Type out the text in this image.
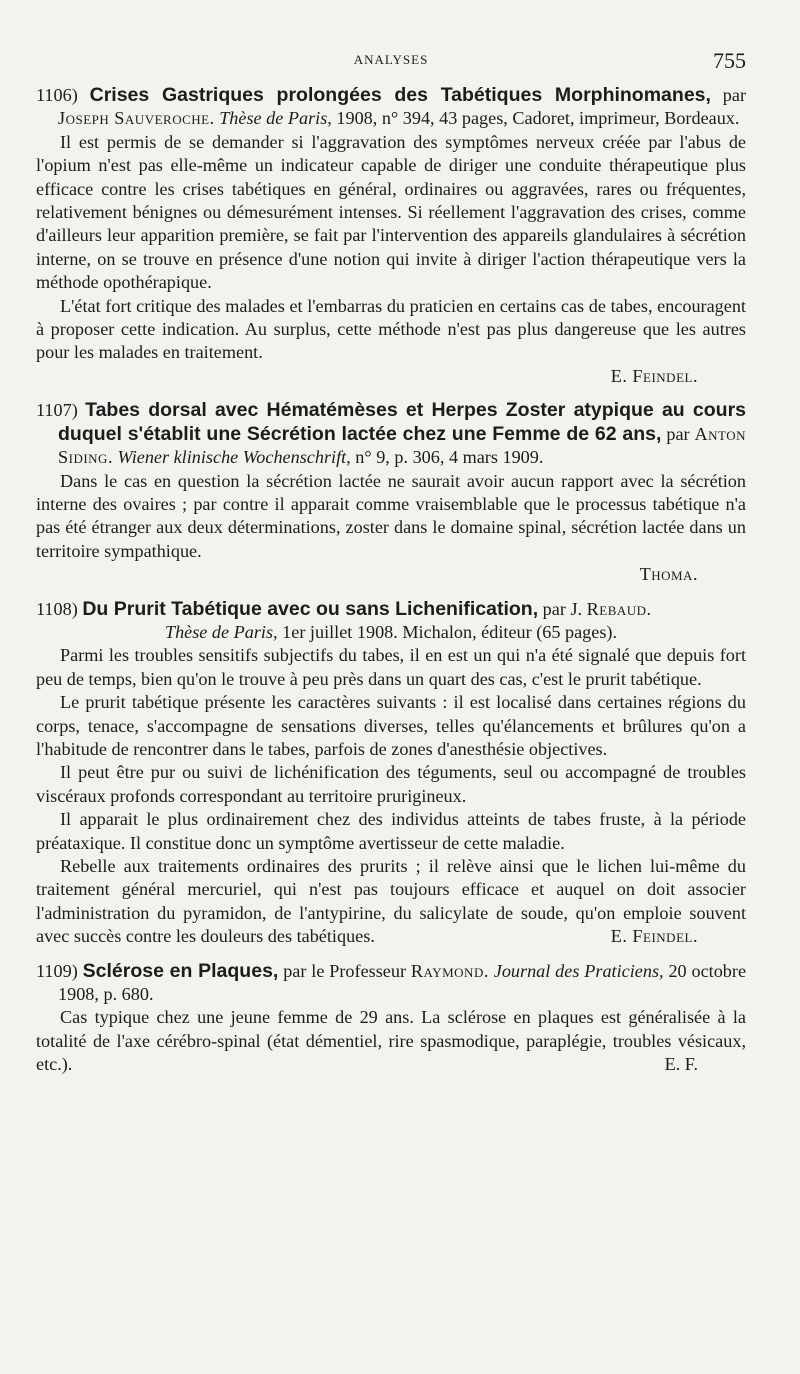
ANALYSES	755

1106) Crises Gastriques prolongées des Tabétiques Morphinomanes, par Joseph Sauveroche. Thèse de Paris, 1908, n° 394, 43 pages, Cadoret, imprimeur, Bordeaux.

Il est permis de se demander si l'aggravation des symptômes nerveux créée par l'abus de l'opium n'est pas elle-même un indicateur capable de diriger une conduite thérapeutique plus efficace contre les crises tabétiques en général, ordinaires ou aggravées, rares ou fréquentes, relativement bénignes ou démesurément intenses. Si réellement l'aggravation des crises, comme d'ailleurs leur apparition première, se fait par l'intervention des appareils glandulaires à sécrétion interne, on se trouve en présence d'une notion qui invite à diriger l'action thérapeutique vers la méthode opothérapique.

L'état fort critique des malades et l'embarras du praticien en certains cas de tabes, encouragent à proposer cette indication. Au surplus, cette méthode n'est pas plus dangereuse que les autres pour les malades en traitement.

E. Feindel.

1107) Tabes dorsal avec Hématémèses et Herpes Zoster atypique au cours duquel s'établit une Sécrétion lactée chez une Femme de 62 ans, par Anton Siding. Wiener klinische Wochenschrift, n° 9, p. 306, 4 mars 1909.

Dans le cas en question la sécrétion lactée ne saurait avoir aucun rapport avec la sécrétion interne des ovaires ; par contre il apparait comme vraisemblable que le processus tabétique n'a pas été étranger aux deux déterminations, zoster dans le domaine spinal, sécrétion lactée dans un territoire sympathique.

Thoma.

1108) Du Prurit Tabétique avec ou sans Lichenification, par J. Rebaud.

Thèse de Paris, 1er juillet 1908. Michalon, éditeur (65 pages).

Parmi les troubles sensitifs subjectifs du tabes, il en est un qui n'a été signalé que depuis fort peu de temps, bien qu'on le trouve à peu près dans un quart des cas, c'est le prurit tabétique.

Le prurit tabétique présente les caractères suivants : il est localisé dans certaines régions du corps, tenace, s'accompagne de sensations diverses, telles qu'élancements et brûlures qu'on a l'habitude de rencontrer dans le tabes, parfois de zones d'anesthésie objectives.

Il peut être pur ou suivi de lichénification des téguments, seul ou accompagné de troubles viscéraux profonds correspondant au territoire prurigineux.

Il apparait le plus ordinairement chez des individus atteints de tabes fruste, à la période préataxique. Il constitue donc un symptôme avertisseur de cette maladie.

Rebelle aux traitements ordinaires des prurits ; il relève ainsi que le lichen lui-même du traitement général mercuriel, qui n'est pas toujours efficace et auquel on doit associer l'administration du pyramidon, de l'antypirine, du salicylate de soude, qu'on emploie souvent avec succès contre les douleurs des tabétiques.	E. Feindel.

1109) Sclérose en Plaques, par le Professeur Raymond. Journal des Praticiens, 20 octobre 1908, p. 680.

Cas typique chez une jeune femme de 29 ans. La sclérose en plaques est généralisée à la totalité de l'axe cérébro-spinal (état démentiel, rire spasmodique, paraplégie, troubles vésicaux, etc.).	E. F.
